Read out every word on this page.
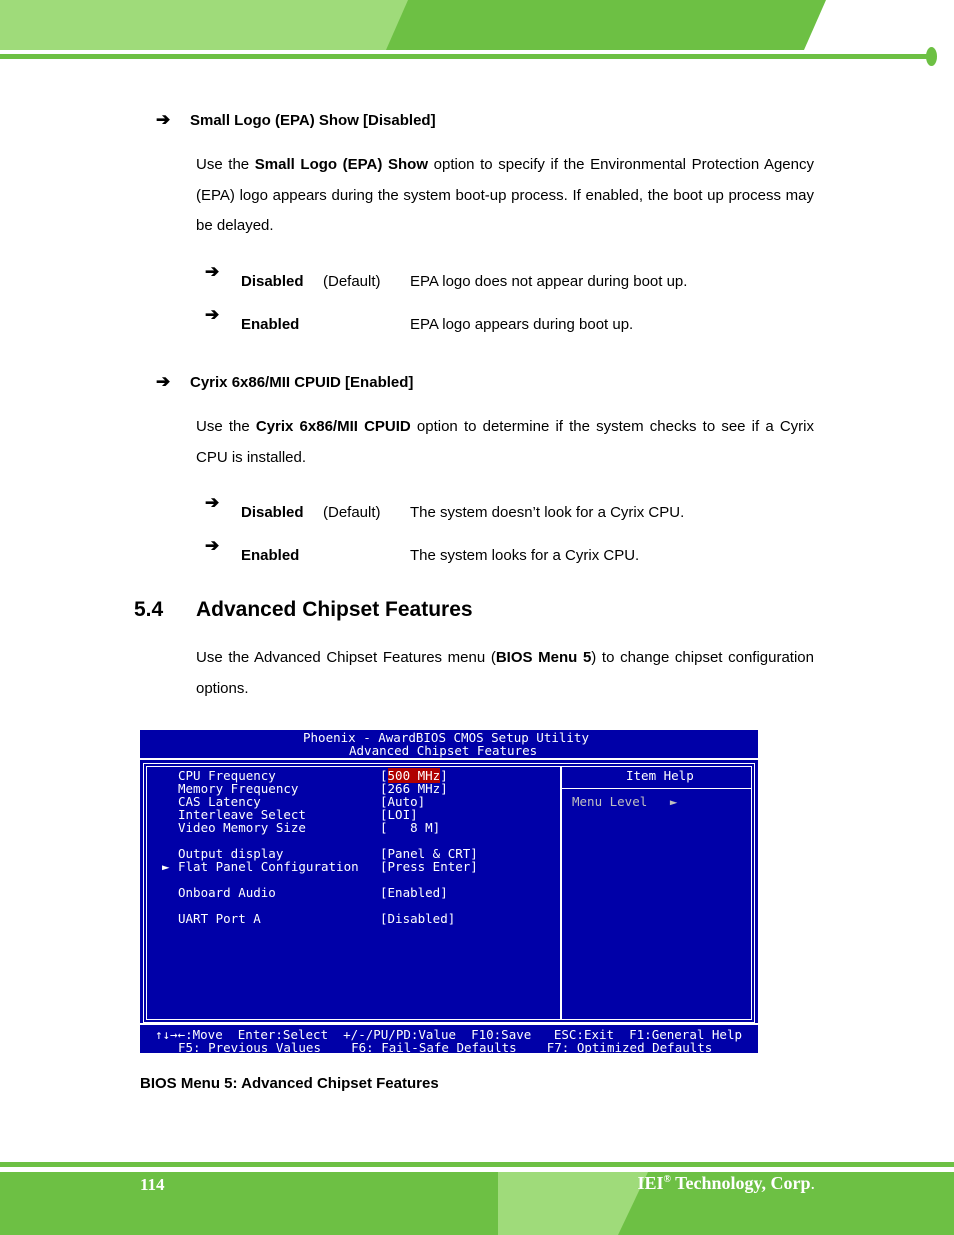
➔ Small Logo (EPA) Show [Disabled]
Use the Small Logo (EPA) Show option to specify if the Environmental Protection Agency (EPA) logo appears during the system boot-up process. If enabled, the boot up process may be delayed.
➔
Disabled (Default) EPA logo does not appear during boot up.
➔
Enabled	EPA logo appears during boot up.
➔ Cyrix 6x86/MII CPUID [Enabled]
Use the Cyrix 6x86/MII CPUID option to determine if the system checks to see if a Cyrix CPU is installed.
➔
Disabled (Default) The system doesn’t look for a Cyrix CPU.
➔
Enabled	The system looks for a Cyrix CPU.
5.4 Advanced Chipset Features
Use the Advanced Chipset Features menu (BIOS Menu 5) to change chipset configuration options.
Phoenix - AwardBIOS CMOS Setup Utility
Advanced Chipset Features
CPU Frequency	[500 MHz]
Memory Frequency	[266 MHz]
CAS Latency	[Auto]
Interleave Select	[LOI]
Video Memory Size	[   8 M]
Output display	[Panel & CRT]
► Flat Panel Configuration [Press Enter]
Onboard Audio	[Enabled]
UART Port A	[Disabled]
Item Help
Menu Level   ►
↑↓→←:Move  Enter:Select  +/-/PU/PD:Value  F10:Save   ESC:Exit  F1:General Help
F5: Previous Values    F6: Fail-Safe Defaults    F7: Optimized Defaults
BIOS Menu 5: Advanced Chipset Features
114	IEI® Technology, Corp.
